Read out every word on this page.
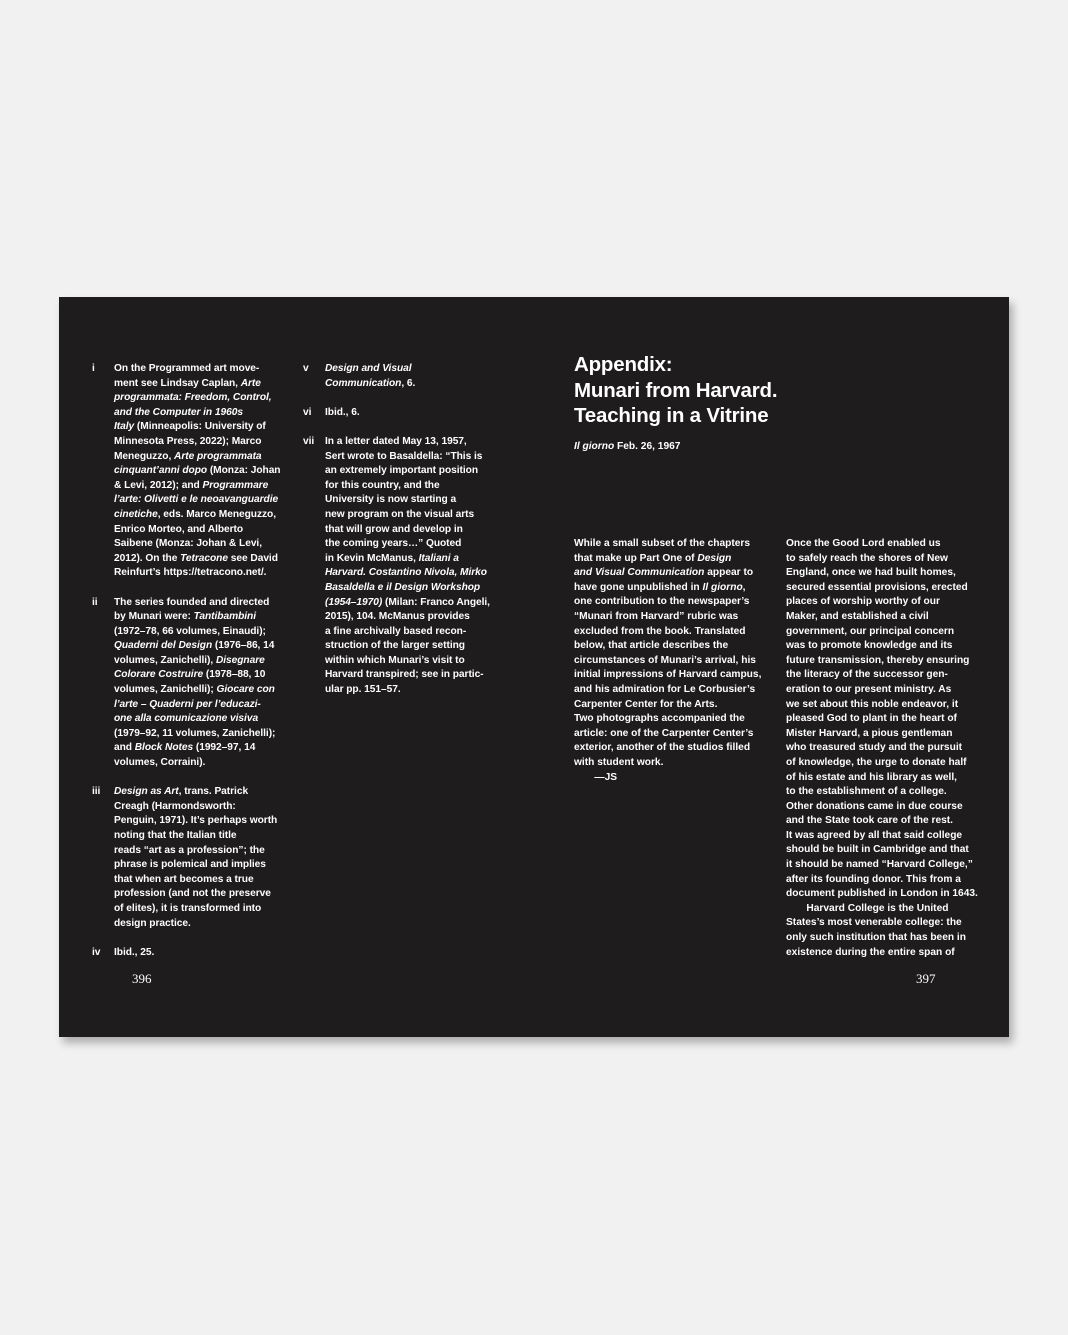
i	On the Programmed art move-
ment see Lindsay Caplan, Arte
programmata: Freedom, Control,
and the Computer in 1960s
Italy (Minneapolis: University of
Minnesota Press, 2022); Marco
Meneguzzo, Arte programmata
cinquant’anni dopo (Monza: Johan
& Levi, 2012); and Programmare
l’arte: Olivetti e le neoavanguardie
cinetiche, eds. Marco Meneguzzo,
Enrico Morteo, and Alberto
Saibene (Monza: Johan & Levi,
2012). On the Tetracone see David
Reinfurt’s https://tetracono.net/.
ii	The series founded and directed
by Munari were: Tantibambini
(1972–78, 66 volumes, Einaudi);
Quaderni del Design (1976–86, 14
volumes, Zanichelli), Disegnare
Colorare Costruire (1978–88, 10
volumes, Zanichelli); Giocare con
l’arte – Quaderni per l’educazi-
one alla comunicazione visiva
(1979–92, 11 volumes, Zanichelli);
and Block Notes (1992–97, 14
volumes, Corraini).
iii	Design as Art, trans. Patrick
Creagh (Harmondsworth:
Penguin, 1971). It’s perhaps worth
noting that the Italian title
reads “art as a profession”; the
phrase is polemical and implies
that when art becomes a true
profession (and not the preserve
of elites), it is transformed into
design practice.
iv	Ibid., 25.
v	Design and Visual
Communication, 6.
vi	Ibid., 6.
vii	In a letter dated May 13, 1957,
Sert wrote to Basaldella: “This is
an extremely important position
for this country, and the
University is now starting a
new program on the visual arts
that will grow and develop in
the coming years…” Quoted
in Kevin McManus, Italiani a
Harvard. Costantino Nivola, Mirko
Basaldella e il Design Workshop
(1954–1970) (Milan: Franco Angeli,
2015), 104. McManus provides
a fine archivally based recon-
struction of the larger setting
within which Munari’s visit to
Harvard transpired; see in partic-
ular pp. 151–57.
Appendix:
Munari from Harvard.
Teaching in a Vitrine
Il giorno Feb. 26, 1967
While a small subset of the chapters
that make up Part One of Design
and Visual Communication appear to
have gone unpublished in Il giorno,
one contribution to the newspaper’s
“Munari from Harvard” rubric was
excluded from the book. Translated
below, that article describes the
circumstances of Munari’s arrival, his
initial impressions of Harvard campus,
and his admiration for Le Corbusier’s
Carpenter Center for the Arts.
Two photographs accompanied the
article: one of the Carpenter Center’s
exterior, another of the studios filled
with student work.
  —JS
Once the Good Lord enabled us
to safely reach the shores of New
England, once we had built homes,
secured essential provisions, erected
places of worship worthy of our
Maker, and established a civil
government, our principal concern
was to promote knowledge and its
future transmission, thereby ensuring
the literacy of the successor gen-
eration to our present ministry. As
we set about this noble endeavor, it
pleased God to plant in the heart of
Mister Harvard, a pious gentleman
who treasured study and the pursuit
of knowledge, the urge to donate half
of his estate and his library as well,
to the establishment of a college.
Other donations came in due course
and the State took care of the rest.
It was agreed by all that said college
should be built in Cambridge and that
it should be named “Harvard College,”
after its founding donor. This from a
document published in London in 1643.
  Harvard College is the United
States’s most venerable college: the
only such institution that has been in
existence during the entire span of
396	397
